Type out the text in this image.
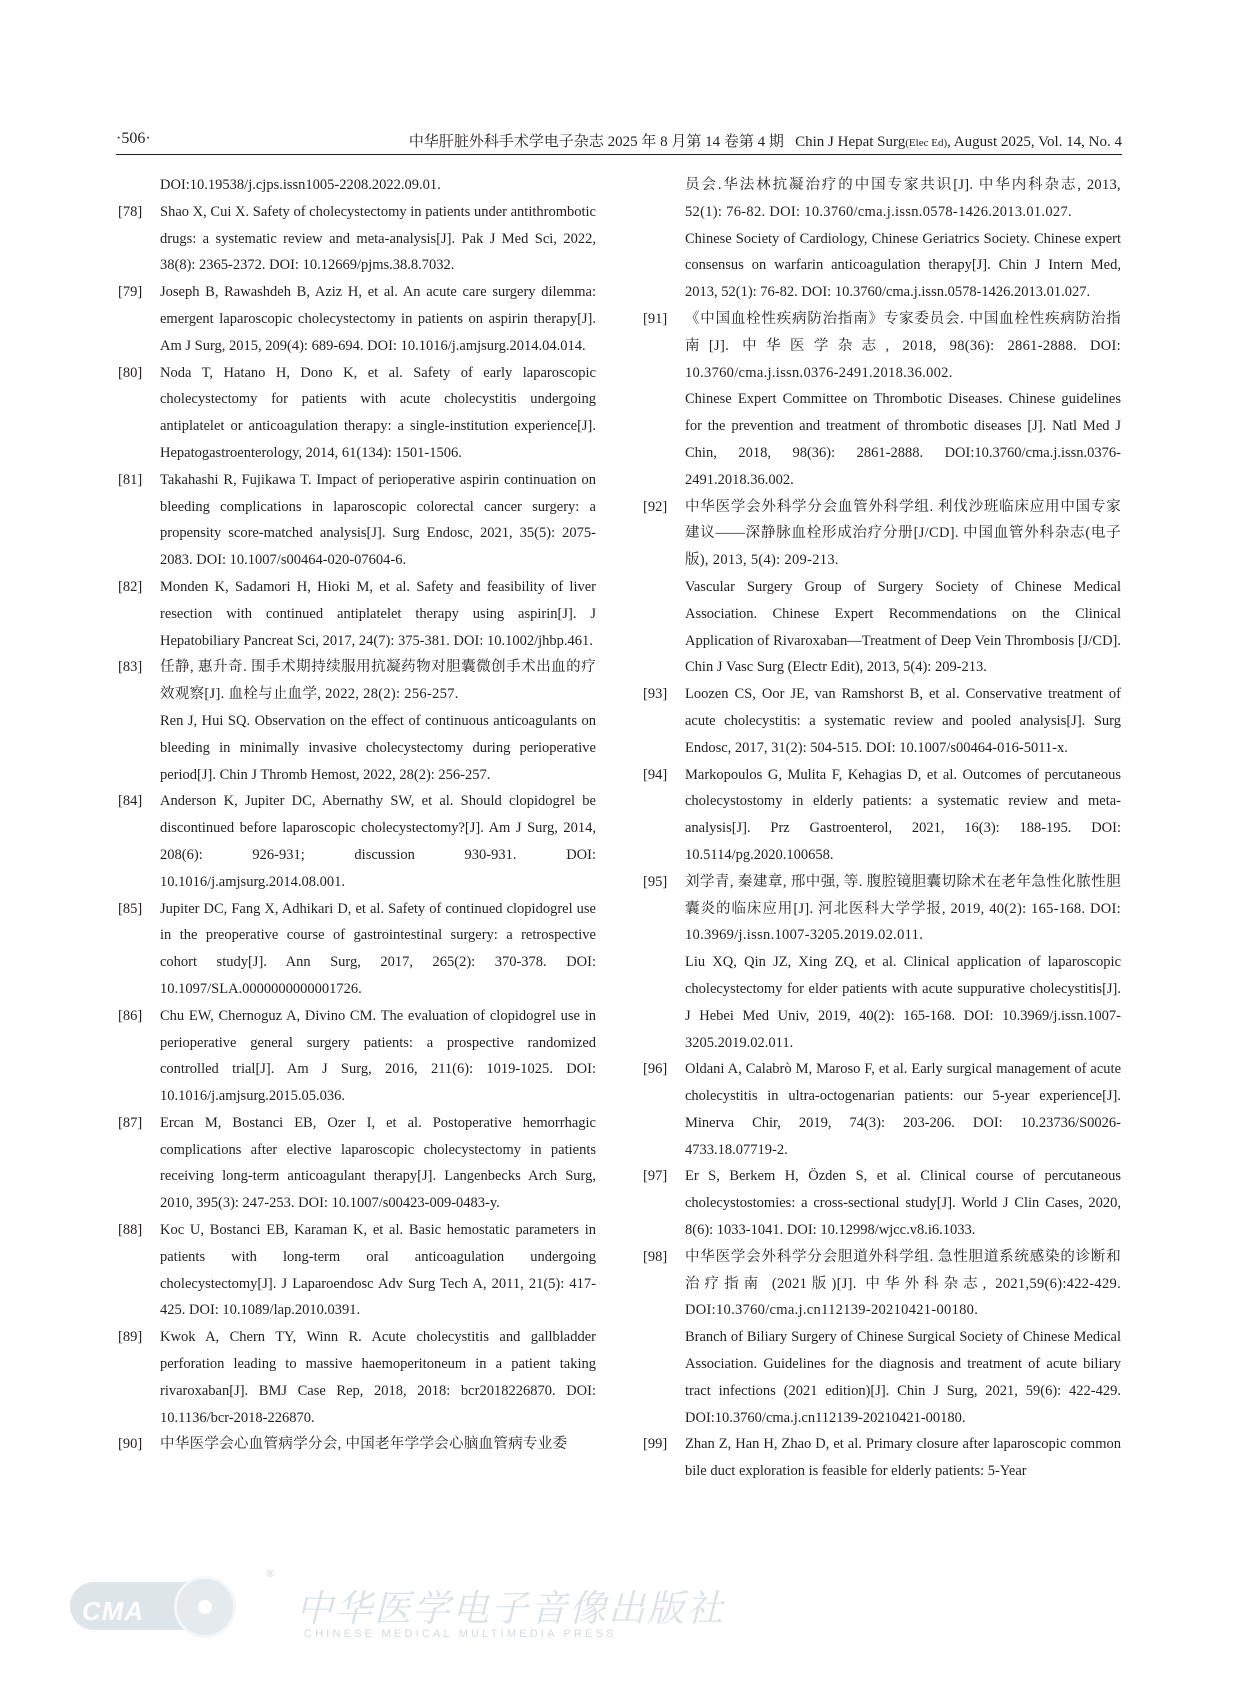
·506·	中华肝脏外科手术学电子杂志 2025 年 8 月第 14 卷第 4 期 Chin J Hepat Surg(Elec Ed), August 2025, Vol. 14, No. 4

DOI:10.19538/j.cjps.issn1005-2208.2022.09.01.

[78] Shao X, Cui X. Safety of cholecystectomy in patients under antithrombotic drugs: a systematic review and meta-analysis[J]. Pak J Med Sci, 2022, 38(8): 2365-2372. DOI: 10.12669/pjms.38.8.7032.

[79] Joseph B, Rawashdeh B, Aziz H, et al. An acute care surgery dilemma: emergent laparoscopic cholecystectomy in patients on aspirin therapy[J]. Am J Surg, 2015, 209(4): 689-694. DOI: 10.1016/j.amjsurg.2014.04.014.

[80] Noda T, Hatano H, Dono K, et al. Safety of early laparoscopic cholecystectomy for patients with acute cholecystitis undergoing antiplatelet or anticoagulation therapy: a single-institution experience[J]. Hepatogastroenterology, 2014, 61(134): 1501-1506.

[81] Takahashi R, Fujikawa T. Impact of perioperative aspirin continuation on bleeding complications in laparoscopic colorectal cancer surgery: a propensity score-matched analysis[J]. Surg Endosc, 2021, 35(5): 2075-2083. DOI: 10.1007/s00464-020-07604-6.

[82] Monden K, Sadamori H, Hioki M, et al. Safety and feasibility of liver resection with continued antiplatelet therapy using aspirin[J]. J Hepatobiliary Pancreat Sci, 2017, 24(7): 375-381. DOI: 10.1002/jhbp.461.

[83] 任静, 惠升奇. 围手术期持续服用抗凝药物对胆囊微创手术出血的疗效观察[J]. 血栓与止血学, 2022, 28(2): 256-257.

Ren J, Hui SQ. Observation on the effect of continuous anticoagulants on bleeding in minimally invasive cholecystectomy during perioperative period[J]. Chin J Thromb Hemost, 2022, 28(2): 256-257.

[84] Anderson K, Jupiter DC, Abernathy SW, et al. Should clopidogrel be discontinued before laparoscopic cholecystectomy?[J]. Am J Surg, 2014, 208(6): 926-931; discussion 930-931. DOI: 10.1016/j.amjsurg.2014.08.001.

[85] Jupiter DC, Fang X, Adhikari D, et al. Safety of continued clopidogrel use in the preoperative course of gastrointestinal surgery: a retrospective cohort study[J]. Ann Surg, 2017, 265(2): 370-378. DOI: 10.1097/SLA.0000000000001726.

[86] Chu EW, Chernoguz A, Divino CM. The evaluation of clopidogrel use in perioperative general surgery patients: a prospective randomized controlled trial[J]. Am J Surg, 2016, 211(6): 1019-1025. DOI: 10.1016/j.amjsurg.2015.05.036.

[87] Ercan M, Bostanci EB, Ozer I, et al. Postoperative hemorrhagic complications after elective laparoscopic cholecystectomy in patients receiving long-term anticoagulant therapy[J]. Langenbecks Arch Surg, 2010, 395(3): 247-253. DOI: 10.1007/s00423-009-0483-y.

[88] Koc U, Bostanci EB, Karaman K, et al. Basic hemostatic parameters in patients with long-term oral anticoagulation undergoing cholecystectomy[J]. J Laparoendosc Adv Surg Tech A, 2011, 21(5): 417-425. DOI: 10.1089/lap.2010.0391.

[89] Kwok A, Chern TY, Winn R. Acute cholecystitis and gallbladder perforation leading to massive haemoperitoneum in a patient taking rivaroxaban[J]. BMJ Case Rep, 2018, 2018: bcr2018226870. DOI: 10.1136/bcr-2018-226870.

[90] 中华医学会心血管病学分会, 中国老年学学会心脑血管病专业委

员会.华法林抗凝治疗的中国专家共识[J]. 中华内科杂志, 2013, 52(1): 76-82. DOI: 10.3760/cma.j.issn.0578-1426.2013.01.027.

Chinese Society of Cardiology, Chinese Geriatrics Society. Chinese expert consensus on warfarin anticoagulation therapy[J]. Chin J Intern Med, 2013, 52(1): 76-82. DOI: 10.3760/cma.j.issn.0578-1426.2013.01.027.

[91] 《中国血栓性疾病防治指南》专家委员会. 中国血栓性疾病防治指南[J]. 中华医学杂志, 2018, 98(36): 2861-2888. DOI: 10.3760/cma.j.issn.0376-2491.2018.36.002.

Chinese Expert Committee on Thrombotic Diseases. Chinese guidelines for the prevention and treatment of thrombotic diseases [J]. Natl Med J Chin, 2018, 98(36): 2861-2888. DOI:10.3760/cma.j.issn.0376-2491.2018.36.002.

[92] 中华医学会外科学分会血管外科学组. 利伐沙班临床应用中国专家建议——深静脉血栓形成治疗分册[J/CD]. 中国血管外科杂志(电子版), 2013, 5(4): 209-213.

Vascular Surgery Group of Surgery Society of Chinese Medical Association. Chinese Expert Recommendations on the Clinical Application of Rivaroxaban—Treatment of Deep Vein Thrombosis [J/CD]. Chin J Vasc Surg (Electr Edit), 2013, 5(4): 209-213.

[93] Loozen CS, Oor JE, van Ramshorst B, et al. Conservative treatment of acute cholecystitis: a systematic review and pooled analysis[J]. Surg Endosc, 2017, 31(2): 504-515. DOI: 10.1007/s00464-016-5011-x.

[94] Markopoulos G, Mulita F, Kehagias D, et al. Outcomes of percutaneous cholecystostomy in elderly patients: a systematic review and meta-analysis[J]. Prz Gastroenterol, 2021, 16(3): 188-195. DOI: 10.5114/pg.2020.100658.

[95] 刘学青, 秦建章, 邢中强, 等. 腹腔镜胆囊切除术在老年急性化脓性胆囊炎的临床应用[J]. 河北医科大学学报, 2019, 40(2): 165-168. DOI: 10.3969/j.issn.1007-3205.2019.02.011.

Liu XQ, Qin JZ, Xing ZQ, et al. Clinical application of laparoscopic cholecystectomy for elder patients with acute suppurative cholecystitis[J]. J Hebei Med Univ, 2019, 40(2): 165-168. DOI: 10.3969/j.issn.1007-3205.2019.02.011.

[96] Oldani A, Calabrò M, Maroso F, et al. Early surgical management of acute cholecystitis in ultra-octogenarian patients: our 5-year experience[J]. Minerva Chir, 2019, 74(3): 203-206. DOI: 10.23736/S0026-4733.18.07719-2.

[97] Er S, Berkem H, Özden S, et al. Clinical course of percutaneous cholecystostomies: a cross-sectional study[J]. World J Clin Cases, 2020, 8(6): 1033-1041. DOI: 10.12998/wjcc.v8.i6.1033.

[98] 中华医学会外科学分会胆道外科学组. 急性胆道系统感染的诊断和治疗指南 (2021版)[J]. 中华外科杂志, 2021,59(6):422-429. DOI:10.3760/cma.j.cn112139-20210421-00180.

Branch of Biliary Surgery of Chinese Surgical Society of Chinese Medical Association. Guidelines for the diagnosis and treatment of acute biliary tract infections (2021 edition)[J]. Chin J Surg, 2021, 59(6): 422-429. DOI:10.3760/cma.j.cn112139-20210421-00180.

[99] Zhan Z, Han H, Zhao D, et al. Primary closure after laparoscopic common bile duct exploration is feasible for elderly patients: 5-Year

CMA
®
中华医学电子音像出版社
CHINESE MEDICAL MULTIMEDIA PRESS
